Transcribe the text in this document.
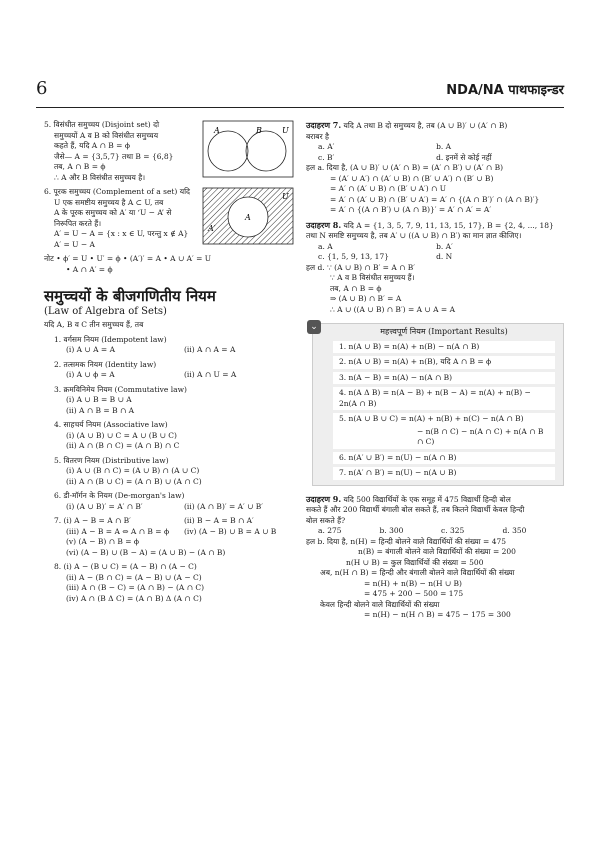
6	NDA/NA पाथफाइन्डर
A	B	U
5. विसंधीत समुच्चय (Disjoint set) दो
समुच्चयों A व B को विसंधीत समुच्चय
कहते हैं, यदि A ∩ B = ϕ
जैसे— A = {3,5,7} तथा B = {6,8}
तब, A ∩ B = ϕ
∴ A और B विसंधीत समुच्चय है।
A
A′
U
6. पूरक समुच्चय (Complement of a set) यदि
U एक समष्टीय समुच्चय है A ⊂ U, तब
A के पूरक समुच्चय को A′ या ‘U − A’ से
निरूपित करते हैं।
A′ = U − A = {x : x ∈ U, परन्तु x ∉ A}
A′ = U − A
नोट • ϕ′ = U • U′ = ϕ • (A′)′ = A • A ∪ A′ = U
• A ∩ A′ = ϕ
समुच्चयों के बीजगणितीय नियम
(Law of Algebra of Sets)
यदि A, B व C तीन समुच्चय हैं, तब
1. वर्गसम नियम (Idempotent law)
(i) A ∪ A = A	(ii) A ∩ A = A
2. तत्समक नियम (Identity law)
(i) A ∪ ϕ = A	(ii) A ∩ U = A
3. क्रमविनिमेय नियम (Commutative law)
(i) A ∪ B = B ∪ A
(ii) A ∩ B = B ∩ A
4. साहचर्य नियम (Associative law)
(i) (A ∪ B) ∪ C = A ∪ (B ∪ C)
(ii) A ∩ (B ∩ C) = (A ∩ B) ∩ C
5. वितरण नियम (Distributive law)
(i) A ∪ (B ∩ C) = (A ∪ B) ∩ (A ∪ C)
(ii) A ∩ (B ∪ C) = (A ∩ B) ∪ (A ∩ C)
6. डी-मॉर्गन के नियम (De-morgan's law)
(i) (A ∪ B)′ = A′ ∩ B′	(ii) (A ∩ B)′ = A′ ∪ B′
7. (i) A − B = A ∩ B′	(ii) B − A = B ∩ A′
(iii) A − B = A ⇔ A ∩ B = ϕ	(iv) (A − B) ∪ B = A ∪ B
(v) (A − B) ∩ B = ϕ
(vi) (A − B) ∪ (B − A) = (A ∪ B) − (A ∩ B)
8. (i) A − (B ∪ C) = (A − B) ∩ (A − C)
(ii) A − (B ∩ C) = (A − B) ∪ (A − C)
(iii) A ∩ (B − C) = (A ∩ B) − (A ∩ C)
(iv) A ∩ (B Δ C) = (A ∩ B) Δ (A ∩ C)
उदाहरण 7. यदि A तथा B दो समुच्चय है, तब (A ∪ B)′ ∪ (A′ ∩ B)
बराबर है
a. A′	b. A
c. B′	d. इनमें से कोई नहीं
हल a. दिया है, (A ∪ B)′ ∪ (A′ ∩ B) = (A′ ∩ B′) ∪ (A′ ∩ B)
= (A′ ∪ A′) ∩ (A′ ∪ B) ∩ (B′ ∪ A′) ∩ (B′ ∪ B)
= A′ ∩ (A′ ∪ B) ∩ (B′ ∪ A′) ∩ U
= A′ ∩ (A′ ∪ B) ∩ (B′ ∪ A′) = A′ ∩ {(A ∩ B′)′ ∩ (A ∩ B)′}
= A′ ∩ {(A ∩ B′) ∪ (A ∩ B)}′ = A′ ∩ A′ = A′
उदाहरण 8. यदि A = {1, 3, 5, 7, 9, 11, 13, 15, 17}, B = {2, 4, ..., 18}
तथा N समष्टि समुच्चय है, तब A′ ∪ ((A ∪ B) ∩ B′) का मान ज्ञात कीजिए।
a. A	b. A′
c. {1, 5, 9, 13, 17}	d. N
हल d. ∵ (A ∪ B) ∩ B′ = A ∩ B′
∵ A व B विसंधीत समुच्चय हैं।
तब, A ∩ B = ϕ
⇒ (A ∪ B) ∩ B′ = A
∴ A ∪ ((A ∪ B) ∩ B′) = A ∪ A = A
⌄	महत्त्वपूर्ण नियम (Important Results)
1. n(A ∪ B) = n(A) + n(B) − n(A ∩ B)
2. n(A ∪ B) = n(A) + n(B), यदि A ∩ B = ϕ
3. n(A − B) = n(A) − n(A ∩ B)
4. n(A Δ B) = n(A − B) + n(B − A) = n(A) + n(B) − 2n(A ∩ B)
5. n(A ∪ B ∪ C) = n(A) + n(B) + n(C) − n(A ∩ B)
− n(B ∩ C) − n(A ∩ C) + n(A ∩ B ∩ C)
6. n(A′ ∪ B′) = n(U) − n(A ∩ B)
7. n(A′ ∩ B′) = n(U) − n(A ∪ B)
उदाहरण 9. यदि 500 विद्यार्थियों के एक समूह में 475 विद्यार्थी हिन्दी बोल
सकते हैं और 200 विद्यार्थी बंगाली बोल सकते हैं, तब कितने विद्यार्थी केवल हिन्दी
बोल सकते हैं?
a. 275	b. 300	c. 325	d. 350
हल b. दिया है, n(H) = हिन्दी बोलने वाले विद्यार्थियों की संख्या = 475
n(B) = बंगाली बोलने वाले विद्यार्थियों की संख्या = 200
n(H ∪ B) = कुल विद्यार्थियों की संख्या = 500
अब, n(H ∩ B) = हिन्दी और बंगाली बोलने वाले विद्यार्थियों की संख्या
= n(H) + n(B) − n(H ∪ B)
= 475 + 200 − 500 = 175
केवल हिन्दी बोलने वाले विद्यार्थियों की संख्या
= n(H) − n(H ∩ B) = 475 − 175 = 300
